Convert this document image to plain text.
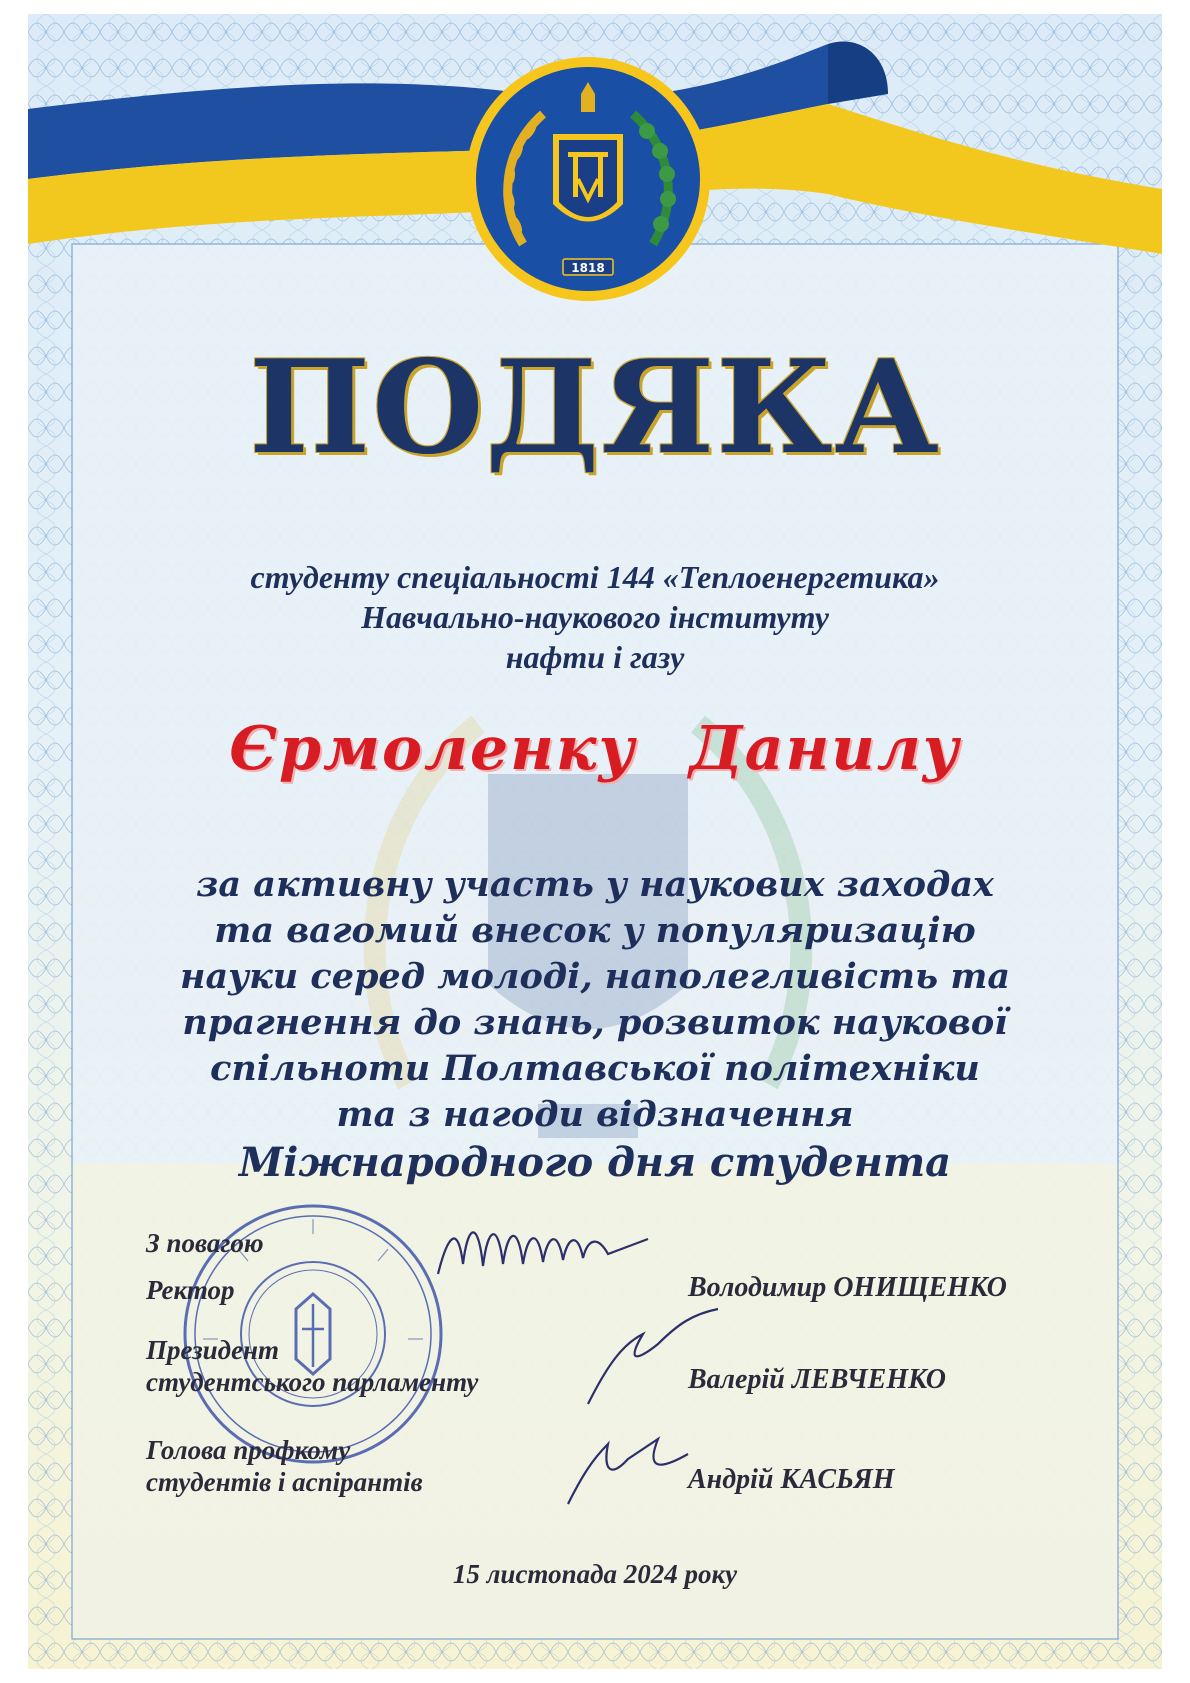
1818
ПОДЯКА
студенту спеціальності 144 «Теплоенергетика»
Навчально-наукового інституту
нафти і газу
Єрмоленку Данилу
за активну участь у наукових заходах
та вагомий внесок у популяризацію
науки серед молоді, наполегливість та
прагнення до знань, розвиток наукової
спільноти Полтавської політехніки
та з нагоди відзначення
Міжнародного дня студента
З повагою
Ректор	Володимир ОНИЩЕНКО
Президент
студентського парламенту	Валерій ЛЕВЧЕНКО
Голова профкому
студентів і аспірантів	Андрій КАСЬЯН
15 листопада 2024 року
